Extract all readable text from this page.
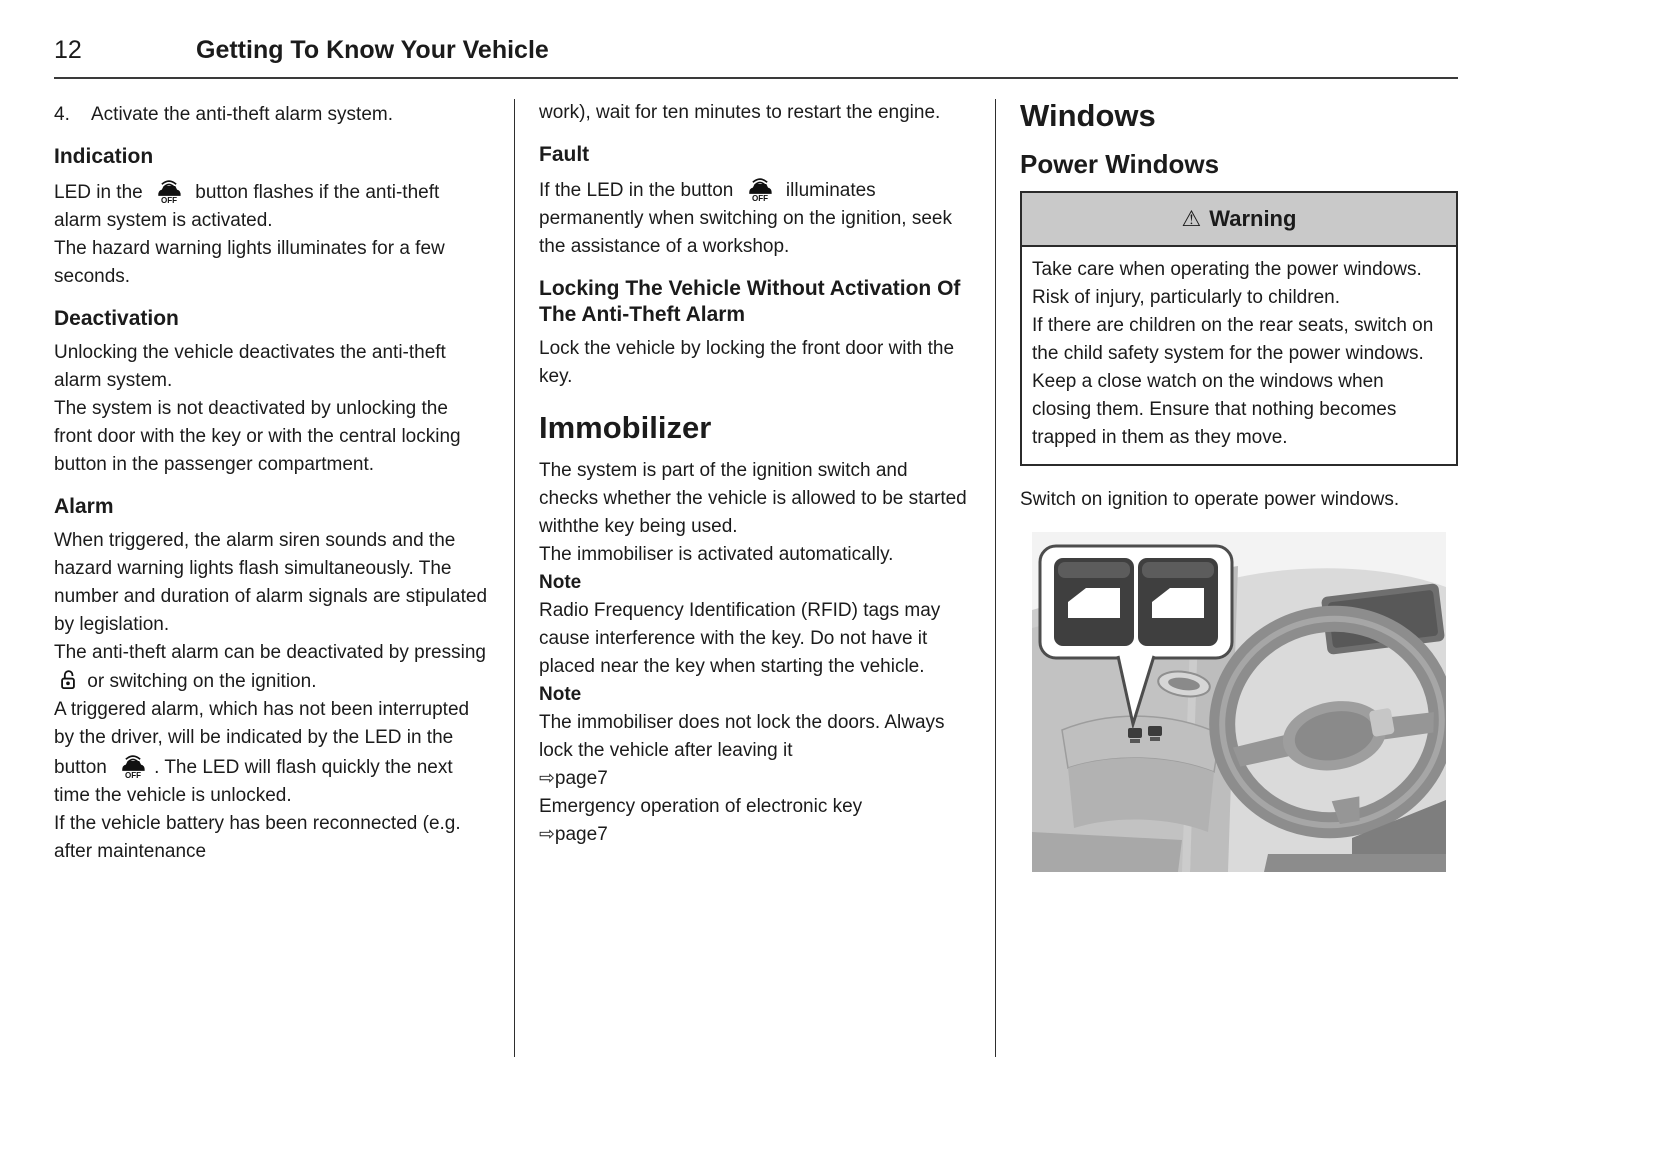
12	Getting To Know Your Vehicle
4.	Activate the anti-theft alarm system.
Indication

LED in the OFF button flashes if the anti-theft alarm system is activated.

The hazard warning lights illuminates for a few seconds.

Deactivation

Unlocking the vehicle deactivates the anti-theft alarm system.

The system is not deactivated by unlocking the front door with the key or with the central locking button in the passenger compartment.

Alarm

When triggered, the alarm siren sounds and the hazard warning lights flash simultaneously. The number and duration of alarm signals are stipulated by legislation.

The anti-theft alarm can be deactivated by pressing  or switching on the ignition.

A triggered alarm, which has not been interrupted by the driver, will be indicated by the LED in the button OFF . The LED will flash quickly the next time the vehicle is unlocked.

If the vehicle battery has been reconnected (e.g. after maintenance

work), wait for ten minutes to restart the engine.

Fault

If the LED in the button OFF illuminates permanently when switching on the ignition, seek the assistance of a workshop.

Locking The Vehicle Without Activation Of The Anti-Theft Alarm

Lock the vehicle by locking the front door with the key.

Immobilizer

The system is part of the ignition switch and checks whether the vehicle is allowed to be started withthe key being used.

The immobiliser is activated automatically.

Note

Radio Frequency Identification (RFID) tags may cause interference with the key. Do not have it placed near the key when starting the vehicle.

Note

The immobiliser does not lock the doors. Always lock the vehicle after leaving it

⇨page7

Emergency operation of electronic key

⇨page7

Windows
Power Windows
⚠ Warning

Take care when operating the power windows. Risk of injury, particularly to children.

If there are children on the rear seats, switch on the child safety system for the power windows.

Keep a close watch on the windows when closing them. Ensure that nothing becomes trapped in them as they move.

Switch on ignition to operate power windows.
